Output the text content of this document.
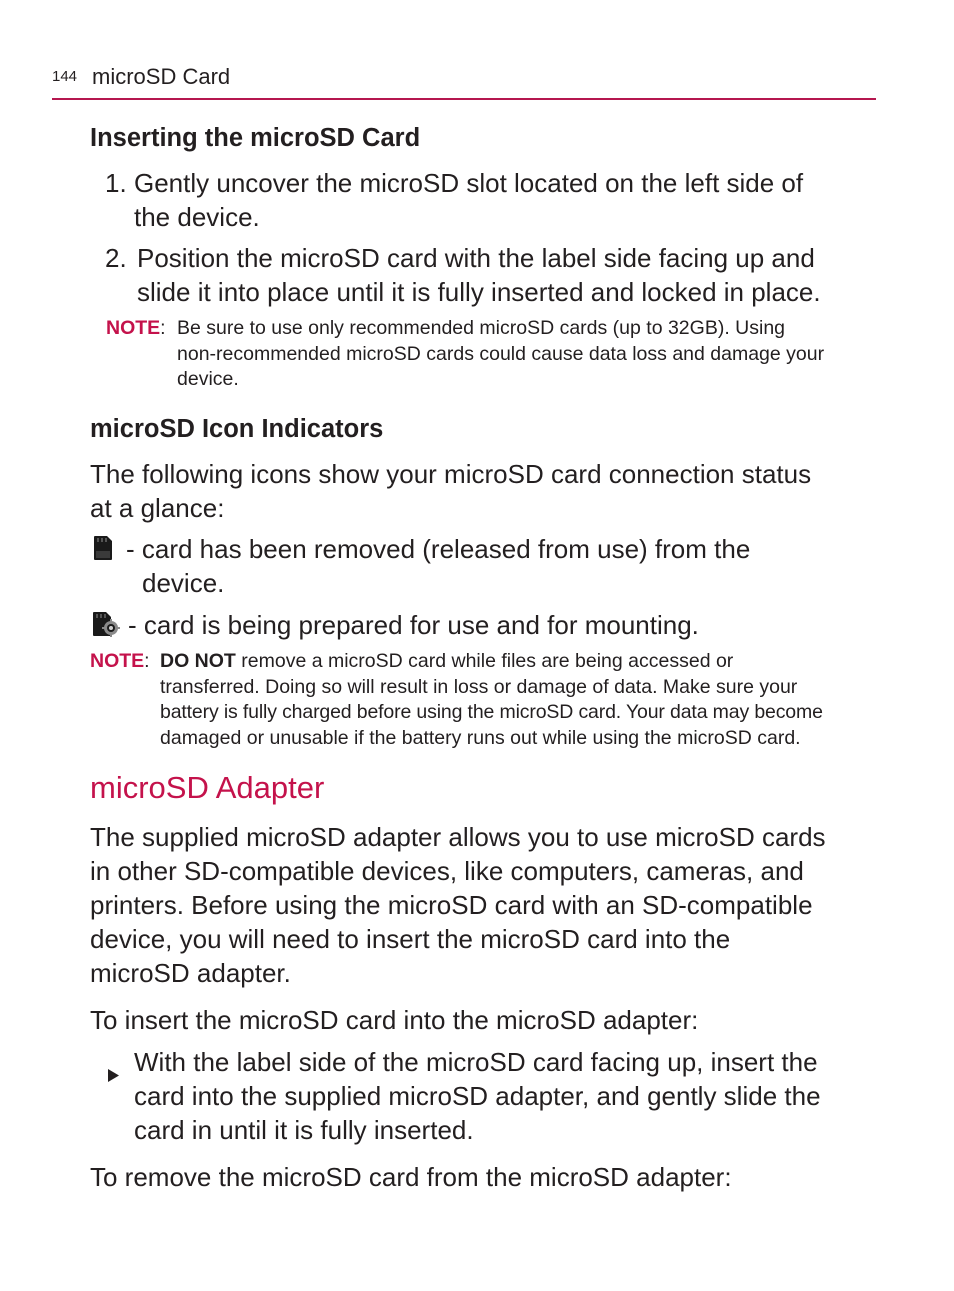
144 microSD Card
Inserting the microSD Card
1. Gently uncover the microSD slot located on the left side of
the device.
2. Position the microSD card with the label side facing up and
slide it into place until it is fully inserted and locked in place.
NOTE: Be sure to use only recommended microSD cards (up to 32GB). Using
non-recommended microSD cards could cause data loss and damage your
device.
microSD Icon Indicators
The following icons show your microSD card connection status
at a glance:
- card has been removed (released from use) from the
device.
- card is being prepared for use and for mounting.
NOTE: DO NOT remove a microSD card while files are being accessed or
transferred. Doing so will result in loss or damage of data. Make sure your
battery is fully charged before using the microSD card. Your data may become
damaged or unusable if the battery runs out while using the microSD card.
microSD Adapter
The supplied microSD adapter allows you to use microSD cards
in other SD-compatible devices, like computers, cameras, and
printers. Before using the microSD card with an SD-compatible
device, you will need to insert the microSD card into the
microSD adapter.
To insert the microSD card into the microSD adapter:
With the label side of the microSD card facing up, insert the
card into the supplied microSD adapter, and gently slide the
card in until it is fully inserted.
To remove the microSD card from the microSD adapter:
